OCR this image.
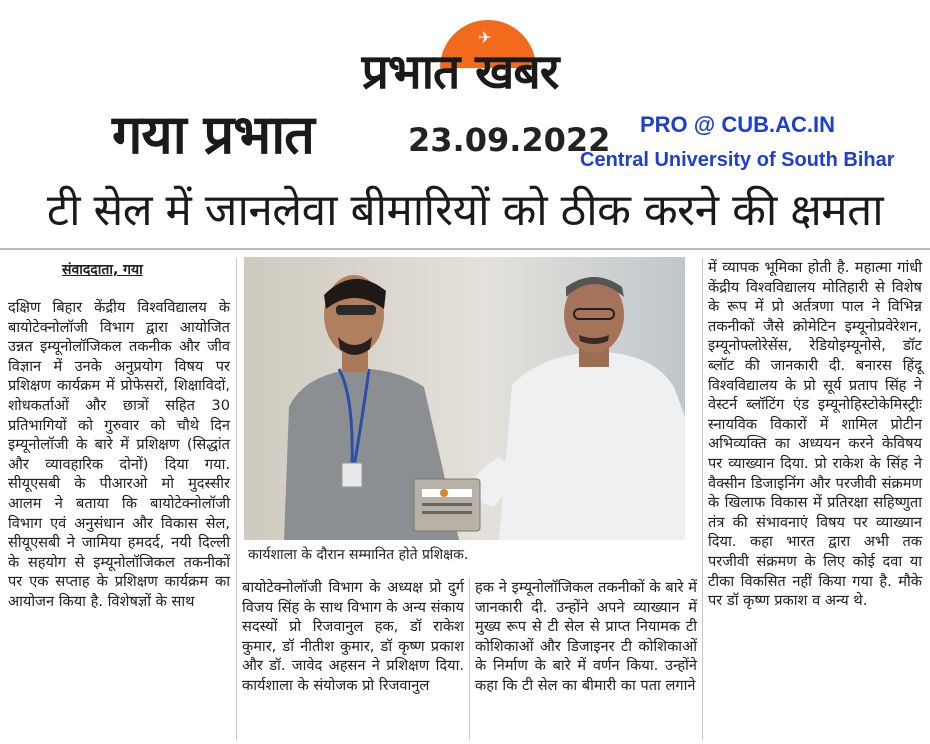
✈
प्रभात खबर
गया प्रभात	23.09.2022 PRO @ CUB.AC.IN
Central University of South Bihar
टी सेल में जानलेवा बीमारियों को ठीक करने की क्षमता
संवाददाता, गया
दक्षिण बिहार केंद्रीय विश्वविद्यालय के बायोटेक्नोलॉजी विभाग द्वारा आयोजित उन्नत इम्यूनोलॉजिकल तकनीक और जीव विज्ञान में उनके अनुप्रयोग विषय पर प्रशिक्षण कार्यक्रम में प्रोफेसरों, शिक्षाविदों, शोधकर्ताओं और छात्रों सहित 30 प्रतिभागियों को गुरुवार को चौथे दिन इम्यूनोलॉजी के बारे में प्रशिक्षण (सिद्धांत और व्यावहारिक दोनों) दिया गया. सीयूएसबी के पीआरओ मो मुदस्सीर आलम ने बताया कि बायोटेक्नोलॉजी विभाग एवं अनुसंधान और विकास सेल, सीयूएसबी ने जामिया हमदर्द, नयी दिल्ली के सहयोग से इम्यूनोलॉजिकल तकनीकों पर एक सप्ताह के प्रशिक्षण कार्यक्रम का आयोजन किया है. विशेषज्ञों के साथ
कार्यशाला के दौरान सम्मानित होते प्रशिक्षक.
बायोटेक्नोलॉजी विभाग के अध्यक्ष प्रो दुर्ग विजय सिंह के साथ विभाग के अन्य संकाय सदस्यों प्रो रिजवानुल हक, डॉ राकेश कुमार, डॉ नीतीश कुमार, डॉ कृष्ण प्रकाश और डॉ. जावेद अहसन ने प्रशिक्षण दिया. कार्यशाला के संयोजक प्रो रिजवानुल
हक ने इम्यूनोलॉजिकल तकनीकों के बारे में जानकारी दी. उन्होंने अपने व्याख्यान में मुख्य रूप से टी सेल से प्राप्त नियामक टी कोशिकाओं और डिजाइनर टी कोशिकाओं के निर्माण के बारे में वर्णन किया. उन्होंने कहा कि टी सेल का बीमारी का पता लगाने
में व्यापक भूमिका होती है. महात्मा गांधी केंद्रीय विश्वविद्यालय मोतिहारी से विशेष के रूप में प्रो अर्तत्रणा पाल ने विभिन्न तकनीकों जैसे क्रोमेटिन इम्यूनोप्रवेरेशन, इम्यूनोफ्लोरेसेंस, रेडियोइम्यूनोसे, डॉट ब्लॉट की जानकारी दी. बनारस हिंदू विश्वविद्यालय के प्रो सूर्य प्रताप सिंह ने वेस्टर्न ब्लॉटिंग एंड इम्यूनोहिस्टोकेमिस्ट्रीः स्नायविक विकारों में शामिल प्रोटीन अभिव्यक्ति का अध्ययन करने केविषय पर व्याख्यान दिया. प्रो राकेश के सिंह ने वैक्सीन डिजाइनिंग और परजीवी संक्रमण के खिलाफ विकास में प्रतिरक्षा सहिष्णुता तंत्र की संभावनाएं विषय पर व्याख्यान दिया. कहा भारत द्वारा अभी तक परजीवी संक्रमण के लिए कोई दवा या टीका विकसित नहीं किया गया है. मौके पर डॉ कृष्ण प्रकाश व अन्य थे.
